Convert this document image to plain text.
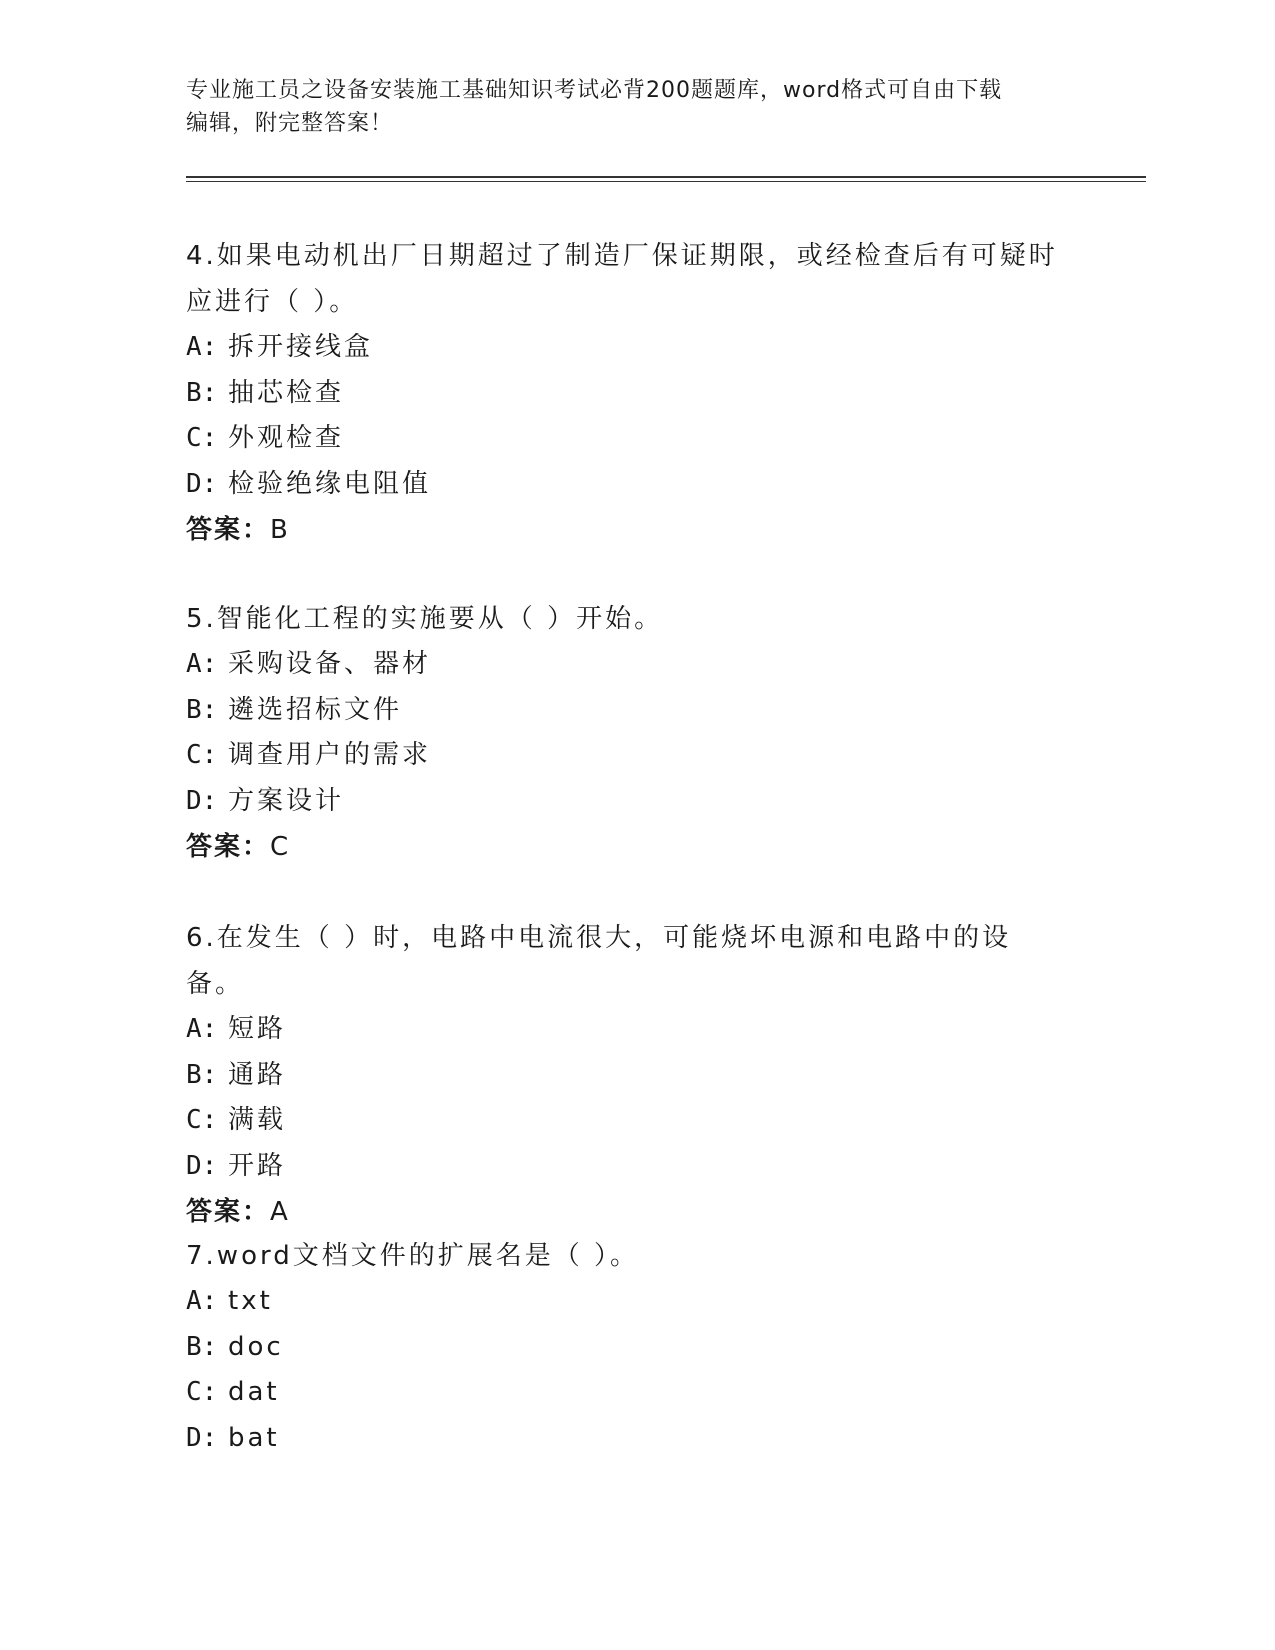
专业施工员之设备安装施工基础知识考试必背200题题库，word格式可自由下载
编辑，附完整答案！
4.如果电动机出厂日期超过了制造厂保证期限，或经检查后有可疑时
应进行（ ）。
A: 拆开接线盒
B: 抽芯检查
C: 外观检查
D: 检验绝缘电阻值
答案：B
5.智能化工程的实施要从（ ）开始。
A: 采购设备、器材
B: 遴选招标文件
C: 调查用户的需求
D: 方案设计
答案：C
6.在发生（ ）时，电路中电流很大，可能烧坏电源和电路中的设备。
A: 短路
B: 通路
C: 满载
D: 开路
答案：A
7.word文档文件的扩展名是（ ）。
A: txt
B: doc
C: dat
D: bat
